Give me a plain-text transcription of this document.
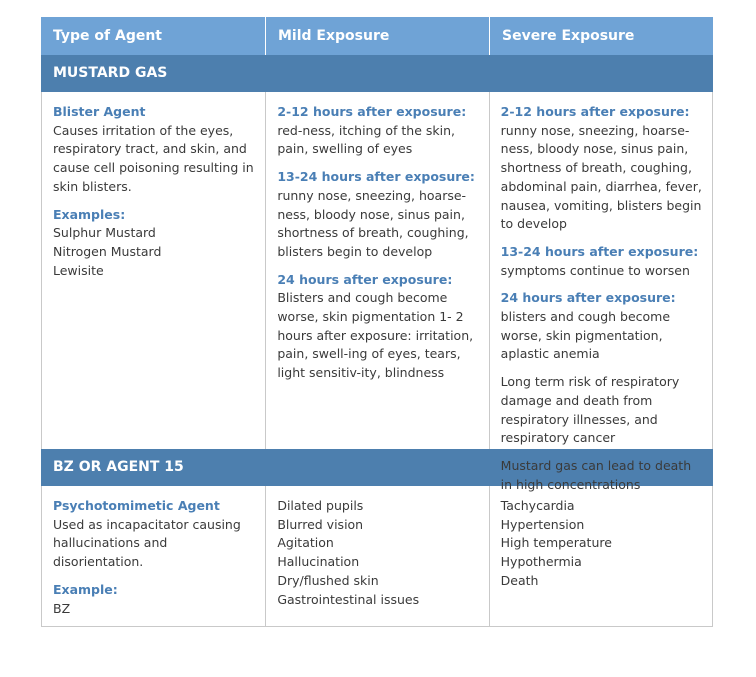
Type of Agent	Mild Exposure	Severe Exposure
MUSTARD GAS
Blister Agent

Causes irritation of the eyes, respiratory tract, and skin, and cause cell poisoning resulting in skin blisters.

Examples:
Sulphur Mustard
Nitrogen Mustard
Lewisite

2-12 hours after exposure: red-ness, itching of the skin, pain, swelling of eyes

13-24 hours after exposure: runny nose, sneezing, hoarse-ness, bloody nose, sinus pain, shortness of breath, coughing, blisters begin to develop

24 hours after exposure: Blisters and cough become worse, skin pigmentation 1- 2 hours after exposure: irritation, pain, swell-ing of eyes, tears, light sensitiv-ity, blindness

2-12 hours after exposure: runny nose, sneezing, hoarse-ness, bloody nose, sinus pain, shortness of breath, coughing, abdominal pain, diarrhea, fever, nausea, vomiting, blisters begin to develop

13-24 hours after exposure: symptoms continue to worsen

24 hours after exposure: blisters and cough become worse, skin pigmentation, aplastic anemia

Long term risk of respiratory damage and death from respiratory illnesses, and respiratory cancer

Mustard gas can lead to death in high concentrations

BZ OR AGENT 15
Psychotomimetic Agent

Used as incapacitator causing hallucinations and disorientation.

Example:
BZ
Dilated pupils
Blurred vision
Agitation
Hallucination
Dry/flushed skin
Gastrointestinal issues
Tachycardia
Hypertension
High temperature
Hypothermia
Death
